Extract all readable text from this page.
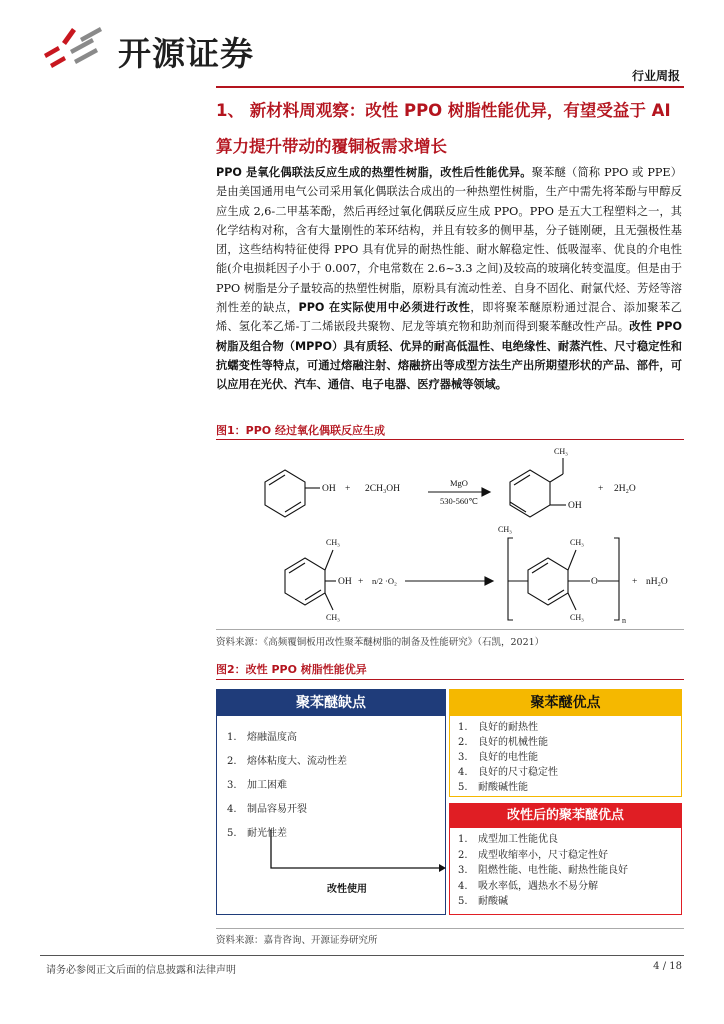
开源证券
行业周报
1、 新材料周观察：改性 PPO 树脂性能优异，有望受益于 AI
算力提升带动的覆铜板需求增长

PPO 是氧化偶联法反应生成的热塑性树脂，改性后性能优异。聚苯醚（简称 PPO 或 PPE）是由美国通用电气公司采用氧化偶联法合成出的一种热塑性树脂，生产中需先将苯酚与甲醇反应生成 2,6-二甲基苯酚，然后再经过氧化偶联反应生成 PPO。PPO 是五大工程塑料之一，其化学结构对称，含有大量刚性的苯环结构，并且有较多的侧甲基，分子链刚硬，且无强极性基团，这些结构特征使得 PPO 具有优异的耐热性能、耐水解稳定性、低吸湿率、优良的介电性能(介电损耗因子小于 0.007，介电常数在 2.6~3.3 之间)及较高的玻璃化转变温度。但是由于 PPO 树脂是分子量较高的热塑性树脂，原粉具有流动性差、自身不固化、耐氯代烃、芳烃等溶剂性差的缺点，PPO 在实际使用中必须进行改性，即将聚苯醚原粉通过混合、添加聚苯乙烯、氢化苯乙烯-丁二烯嵌段共聚物、尼龙等填充物和助剂而得到聚苯醚改性产品。改性 PPO 树脂及组合物（MPPO）具有质轻、优异的耐高低温性、电绝缘性、耐蒸汽性、尺寸稳定性和抗蠕变性等特点，可通过熔融注射、熔融挤出等成型方法生产出所期望形状的产品、部件，可以应用在光伏、汽车、通信、电子电器、医疗器械等领域。

图1：PPO 经过氧化偶联反应生成
OH + 2CH₃OH
MgO
530-560℃
CH₃
OH
CH₃
+ 2H₂O
CH₃
OH
CH₃
+ n/2 ·O₂
CH₃
O
CH₃	n
+ nH₂O
资料来源：《高频覆铜板用改性聚苯醚树脂的制备及性能研究》（石凯，2021）
图2：改性 PPO 树脂性能优异
聚苯醚缺点
1.	熔融温度高
2.	熔体粘度大、流动性差
3.	加工困难
4.	制品容易开裂
5.	耐光性差
改性使用
聚苯醚优点
1.	良好的耐热性
2.	良好的机械性能
3.	良好的电性能
4.	良好的尺寸稳定性
5.	耐酸碱性能
改性后的聚苯醚优点
1.	成型加工性能优良
2.	成型收缩率小，尺寸稳定性好
3.	阻燃性能、电性能、耐热性能良好
4.	吸水率低，遇热水不易分解
5.	耐酸碱
资料来源：嘉肯咨询、开源证券研究所
请务必参阅正文后面的信息披露和法律声明	4 / 18
